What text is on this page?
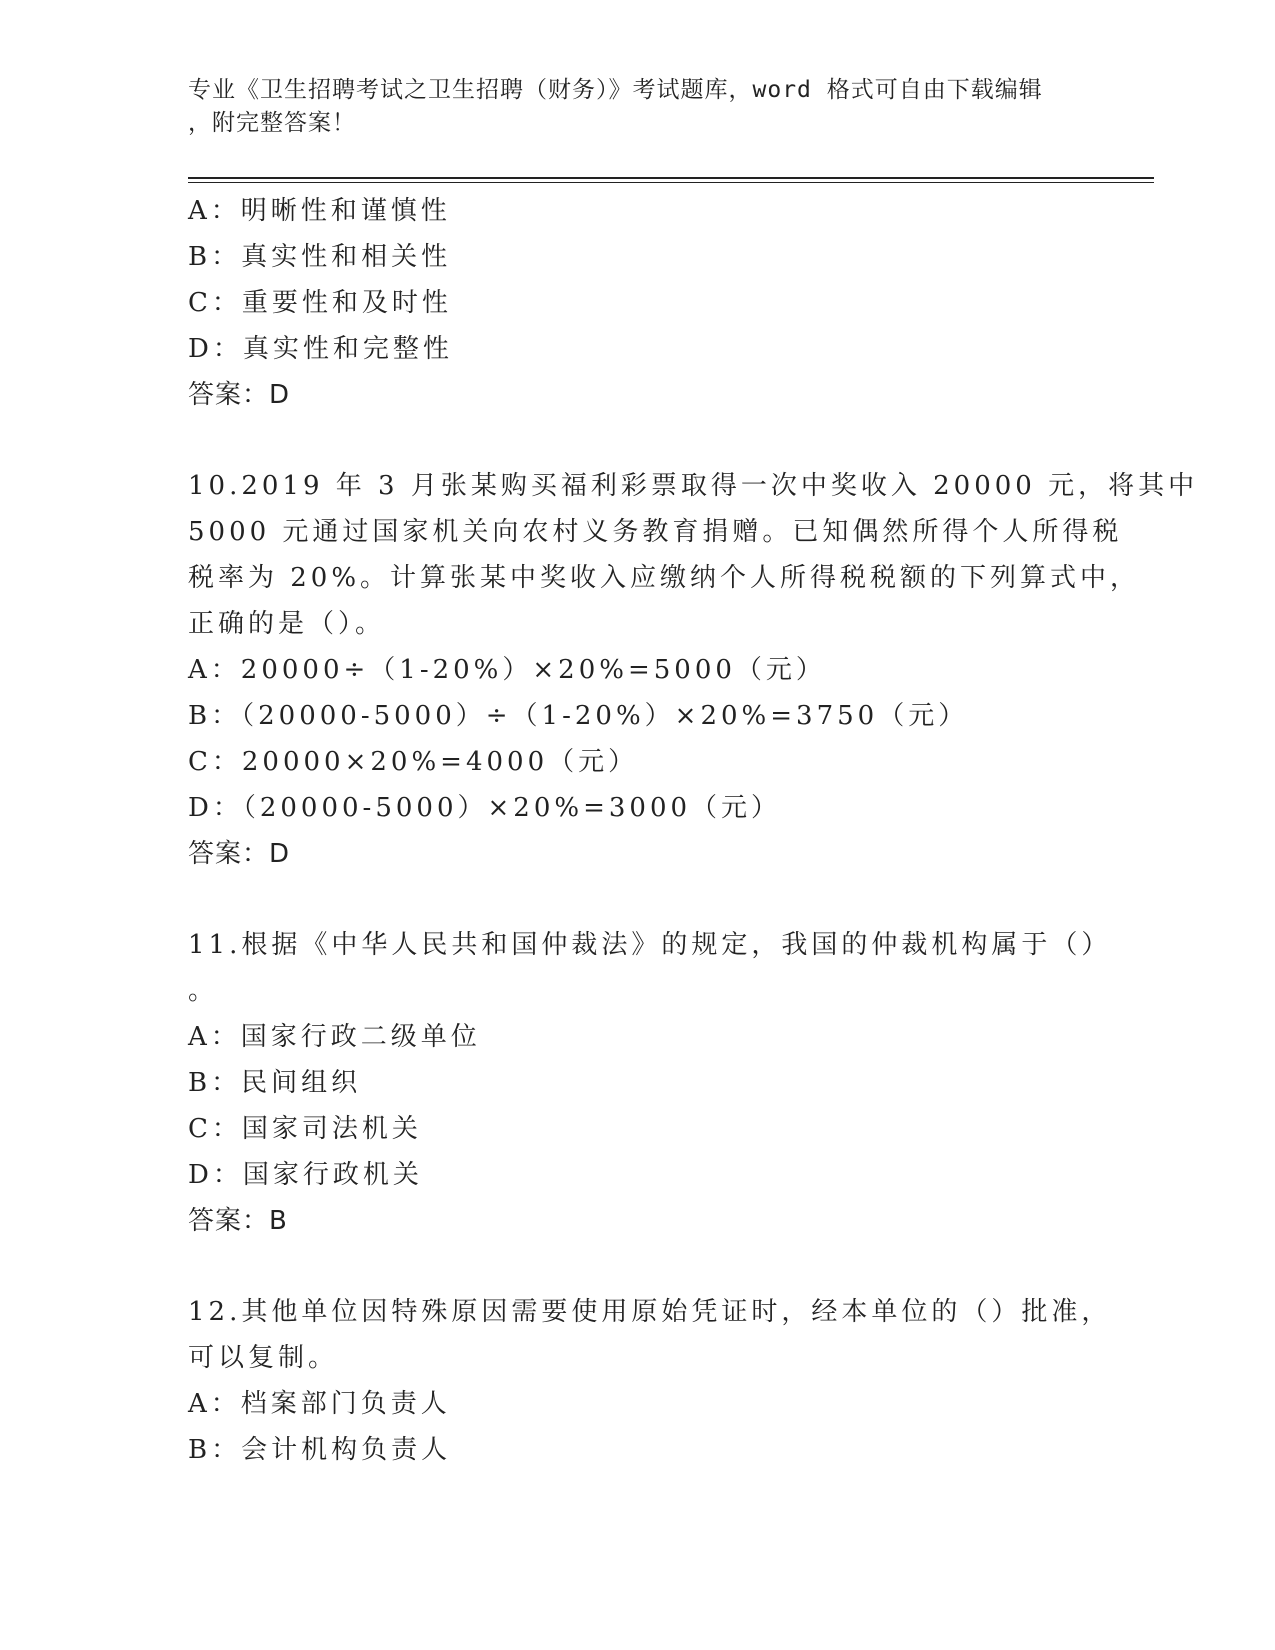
专业《卫生招聘考试之卫生招聘（财务）》考试题库，word 格式可自由下载编辑
，附完整答案！
A：明晰性和谨慎性
B：真实性和相关性
C：重要性和及时性
D：真实性和完整性
答案：D
10.2019 年 3 月张某购买福利彩票取得一次中奖收入 20000 元，将其中
5000 元通过国家机关向农村义务教育捐赠。已知偶然所得个人所得税
税率为 20%。计算张某中奖收入应缴纳个人所得税税额的下列算式中，
正确的是（）。
A：20000÷（1-20%）×20%=5000（元）
B：（20000-5000）÷（1-20%）×20%=3750（元）
C：20000×20%=4000（元）
D：（20000-5000）×20%=3000（元）
答案：D
11.根据《中华人民共和国仲裁法》的规定，我国的仲裁机构属于（）
。
A：国家行政二级单位
B：民间组织
C：国家司法机关
D：国家行政机关
答案：B
12.其他单位因特殊原因需要使用原始凭证时，经本单位的（）批准，
可以复制。
A：档案部门负责人
B：会计机构负责人
